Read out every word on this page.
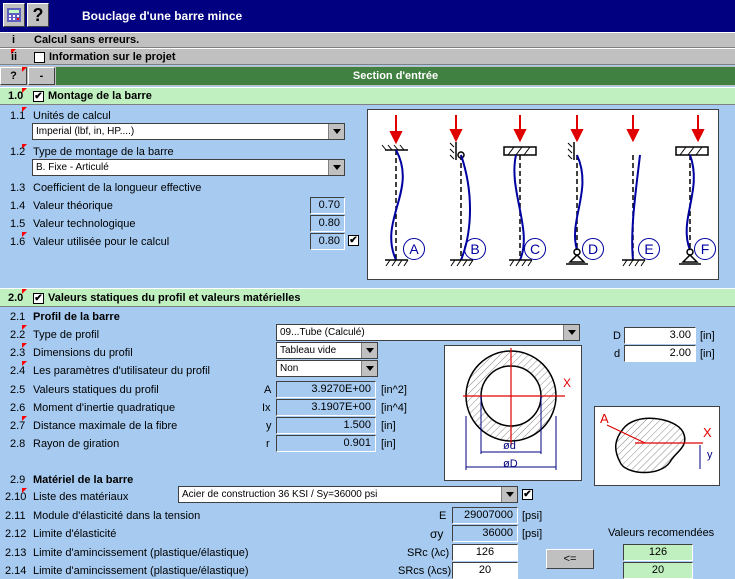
?	Bouclage d'une barre mince
i Calcul sans erreurs.
ii	Information sur le projet
?	-	Section d'entrée
1.0 ✔ Montage de la barre
1.1 Unités de calcul
Imperial (lbf, in, HP....)
1.2 Type de montage de la barre
B. Fixe - Articulé
1.3 Coefficient de la longueur effective
1.4 Valeur théorique	0.70
1.5 Valeur technologique	0.80
1.6 Valeur utilisée pour le calcul	0.80 ✔
A	B	C	D	E	F
2.0 ✔ Valeurs statiques du profil et valeurs matérielles
2.1 Profil de la barre
2.2 Type de profil	09...Tube (Calculé)
2.3 Dimensions du profil	Tableau vide
2.4 Les paramètres d'utilisateur du profil	Non
2.5 Valeurs statiques du profil	A	3.9270E+00 [in^2]
2.6 Moment d'inertie quadratique	Ix	3.1907E+00 [in^4]
2.7 Distance maximale de la fibre	y	1.500 [in]
2.8 Rayon de giration	r	0.901 [in]
D	3.00 [in]
d	2.00 [in]
X
ød
øD
A
X
y
2.9 Matériel de la barre
2.10 Liste des matériaux	Acier de construction 36 KSI / Sy=36000 psi	✔
2.11 Module d'élasticité dans la tension	E	29007000 [psi]
2.12 Limite d'élasticité	σy	36000 [psi]	Valeurs recomendées
2.13 Limite d'amincissement (plastique/élastique)	SRc (λc)	126	126
2.14 Limite d'amincissement (plastique/élastique)	SRcs (λcs)	20	20
<=
